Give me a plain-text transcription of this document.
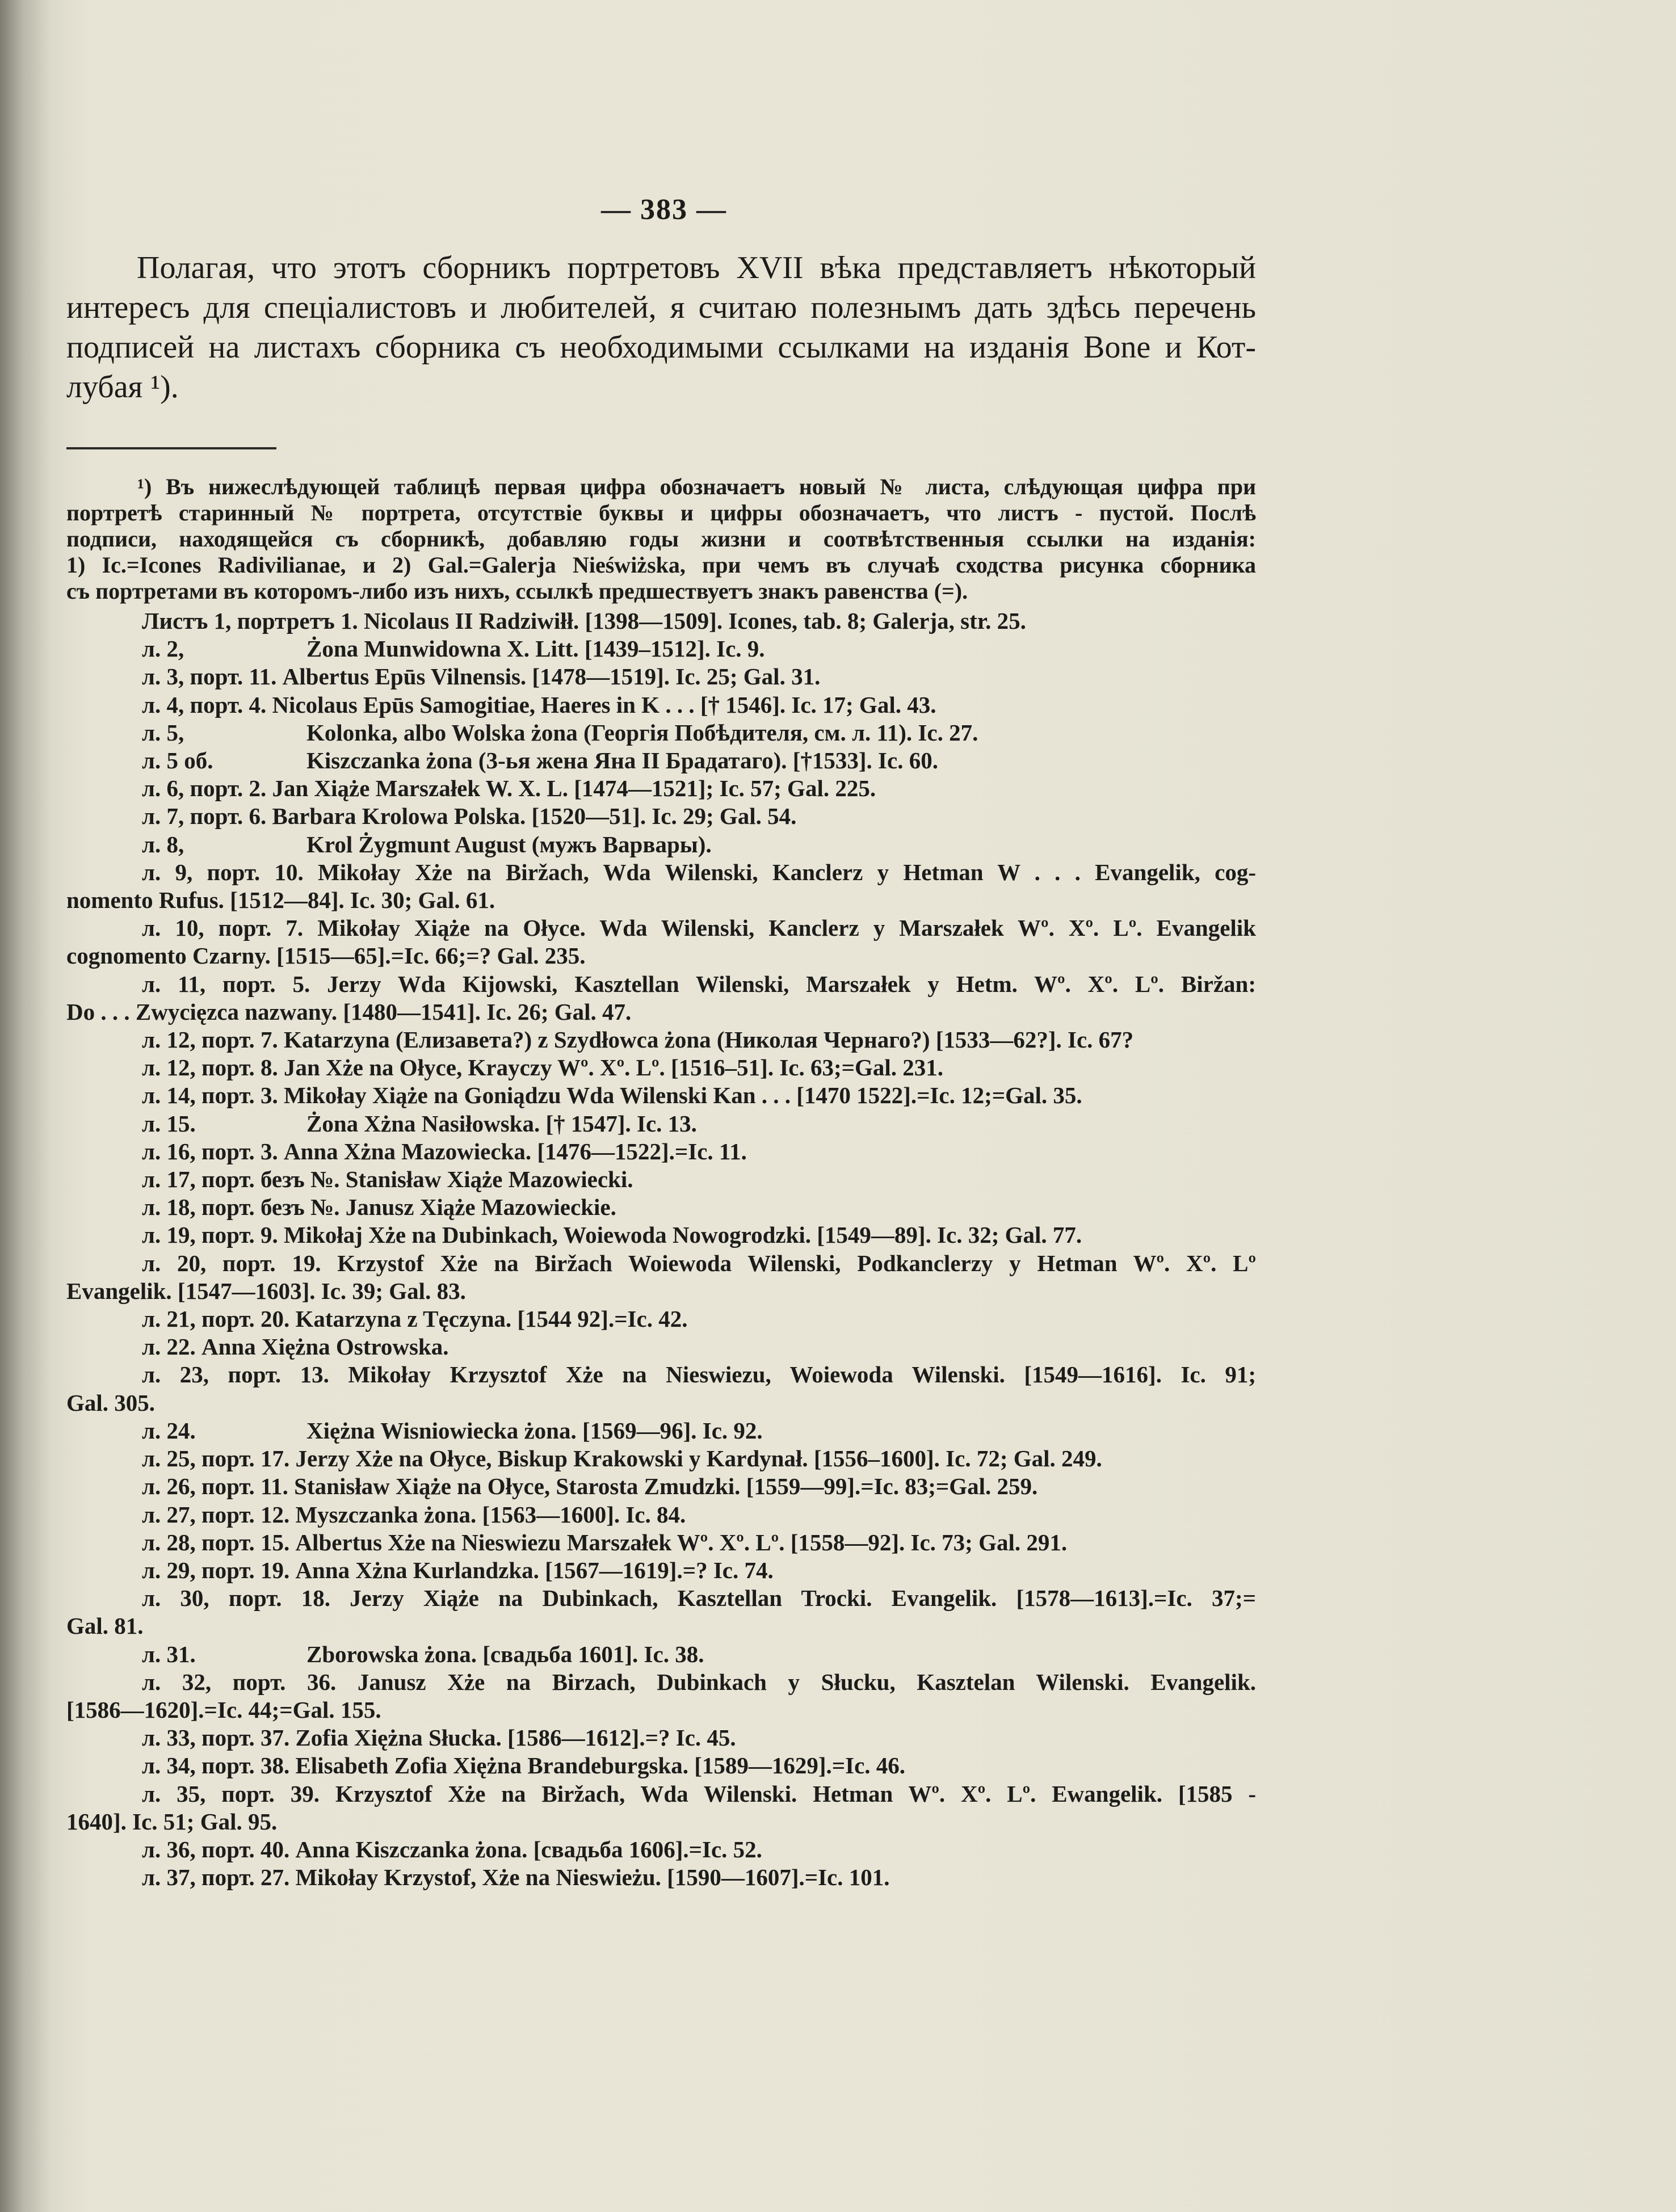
— 383 —
Полагая, что этотъ сборникъ портретовъ XVII вѣка представляетъ нѣкоторый
интересъ для спеціалистовъ и любителей, я считаю полезнымъ дать здѣсь перечень
подписей на листахъ сборника съ необходимыми ссылками на изданія Bone и Кот-
лубая ¹).
¹) Въ нижеслѣдующей таблицѣ первая цифра обозначаетъ новый № листа, слѣдующая цифра при
портретѣ старинный № портрета, отсутствіе буквы и цифры обозначаетъ, что листъ - пустой. Послѣ
подписи, находящейся съ сборникѣ, добавляю годы жизни и соотвѣтственныя ссылки на изданія:
1) Ic.=Icones Radivilianae, и 2) Gal.=Galerja Nieświżska, при чемъ въ случаѣ сходства рисунка сборника
съ портретами въ которомъ-либо изъ нихъ, ссылкѣ предшествуетъ знакъ равенства (=).
Листъ 1, портретъ 1. Nicolaus II Radziwiłł. [1398—1509]. Icones, tab. 8; Galerja, str. 25.
л. 2,	Żona Munwidowna X. Litt. [1439–1512]. Ic. 9.
л. 3, порт. 11. Albertus Epūs Vilnensis. [1478—1519]. Ic. 25; Gal. 31.
л. 4, порт. 4. Nicolaus Epūs Samogitiae, Haeres in K . . . [† 1546]. Ic. 17; Gal. 43.
л. 5,	Kolonka, albo Wolska żona (Георгія Побѣдителя, см. л. 11). Ic. 27.
л. 5 об.	Kiszczanka żona (3-ья жена Яна II Брадатаго). [†1533]. Ic. 60.
л. 6, порт. 2. Jan Xiąże Marszałek W. X. L. [1474—1521]; Ic. 57; Gal. 225.
л. 7, порт. 6. Barbara Krolowa Polska. [1520—51]. Ic. 29; Gal. 54.
л. 8,	Krol Żygmunt August (мужъ Варвары).
л. 9, порт. 10. Mikołay Xże na Biržach, Wda Wilenski, Kanclerz y Hetman W . . . Evangelik, cog-
nomento Rufus. [1512—84]. Ic. 30; Gal. 61.
л. 10, порт. 7. Mikołay Xiąże na Ołyce. Wda Wilenski, Kanclerz y Marszałek Wº. Xº. Lº. Evangelik
cognomento Czarny. [1515—65].=Ic. 66;=? Gal. 235.
л. 11, порт. 5. Jerzy Wda Kijowski, Kasztellan Wilenski, Marszałek y Hetm. Wº. Xº. Lº. Biržan:
Do . . . Zwycięzca nazwany. [1480—1541]. Ic. 26; Gal. 47.
л. 12, порт. 7. Katarzyna (Елизавета?) z Szydłowca żona (Николая Чернаго?) [1533—62?]. Ic. 67?
л. 12, порт. 8. Jan Xże na Ołyce, Krayczy Wº. Xº. Lº. [1516–51]. Ic. 63;=Gal. 231.
л. 14, порт. 3. Mikołay Xiąże na Goniądzu Wda Wilenski Kan . . . [1470 1522].=Ic. 12;=Gal. 35.
л. 15.	Żona Xżna Nasiłowska. [† 1547]. Ic. 13.
л. 16, порт. 3. Anna Xżna Mazowiecka. [1476—1522].=Ic. 11.
л. 17, порт. безъ №. Stanisław Xiąże Mazowiecki.
л. 18, порт. безъ №. Janusz Xiąże Mazowieckie.
л. 19, порт. 9. Mikołaj Xże na Dubinkach, Woiewoda Nowogrodzki. [1549—89]. Ic. 32; Gal. 77.
л. 20, порт. 19. Krzystof Xże na Biržach Woiewoda Wilenski, Podkanclerzy y Hetman Wº. Xº. Lº
Evangelik. [1547—1603]. Ic. 39; Gal. 83.
л. 21, порт. 20. Katarzyna z Tęczyna. [1544 92].=Ic. 42.
л. 22. Anna Xiężna Ostrowska.
л. 23, порт. 13. Mikołay Krzysztof Xże na Nieswiezu, Woiewoda Wilenski. [1549—1616]. Ic. 91;
Gal. 305.
л. 24.	Xiężna Wisniowiecka żona. [1569—96]. Ic. 92.
л. 25, порт. 17. Jerzy Xże na Ołyce, Biskup Krakowski y Kardynał. [1556–1600]. Ic. 72; Gal. 249.
л. 26, порт. 11. Stanisław Xiąże na Ołyce, Starosta Zmudzki. [1559—99].=Ic. 83;=Gal. 259.
л. 27, порт. 12. Myszczanka żona. [1563—1600]. Ic. 84.
л. 28, порт. 15. Albertus Xże na Nieswiezu Marszałek Wº. Xº. Lº. [1558—92]. Ic. 73; Gal. 291.
л. 29, порт. 19. Anna Xżna Kurlandzka. [1567—1619].=? Ic. 74.
л. 30, порт. 18. Jerzy Xiąże na Dubinkach, Kasztellan Trocki. Evangelik. [1578—1613].=Ic. 37;=
Gal. 81.
л. 31.	Zborowska żona. [свадьба 1601]. Ic. 38.
л. 32, порт. 36. Janusz Xże na Birzach, Dubinkach y Słucku, Kasztelan Wilenski. Evangelik.
[1586—1620].=Ic. 44;=Gal. 155.
л. 33, порт. 37. Zofia Xiężna Słucka. [1586—1612].=? Ic. 45.
л. 34, порт. 38. Elisabeth Zofia Xiężna Brandeburgska. [1589—1629].=Ic. 46.
л. 35, порт. 39. Krzysztof Xże na Biržach, Wda Wilenski. Hetman Wº. Xº. Lº. Ewangelik. [1585 -
1640]. Ic. 51; Gal. 95.
л. 36, порт. 40. Anna Kiszczanka żona. [свадьба 1606].=Ic. 52.
л. 37, порт. 27. Mikołay Krzystof, Xże na Nieswieżu. [1590—1607].=Ic. 101.
